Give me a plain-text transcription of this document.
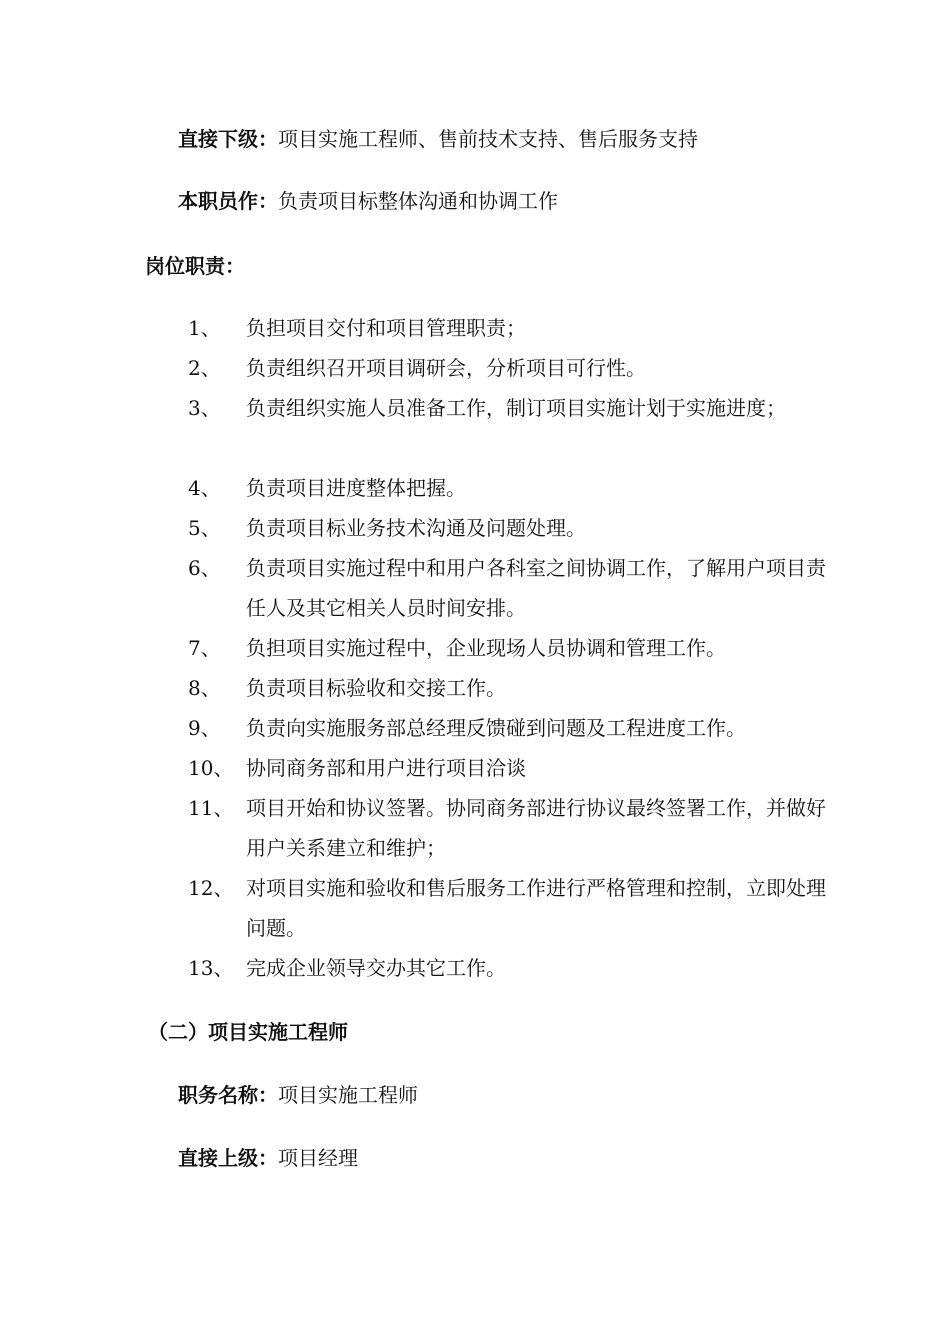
直接下级：项目实施工程师、售前技术支持、售后服务支持
本职员作：负责项目标整体沟通和协调工作
岗位职责：
1、	负担项目交付和项目管理职责；
2、	负责组织召开项目调研会，分析项目可行性。
3、	负责组织实施人员准备工作，制订项目实施计划于实施进度；
4、	负责项目进度整体把握。
5、	负责项目标业务技术沟通及问题处理。
6、	负责项目实施过程中和用户各科室之间协调工作，了解用户项目责任人及其它相关人员时间安排。
7、	负担项目实施过程中，企业现场人员协调和管理工作。
8、	负责项目标验收和交接工作。
9、	负责向实施服务部总经理反馈碰到问题及工程进度工作。
10、 协同商务部和用户进行项目洽谈
11、 项目开始和协议签署。协同商务部进行协议最终签署工作，并做好用户关系建立和维护；
12、 对项目实施和验收和售后服务工作进行严格管理和控制，立即处理问题。
13、 完成企业领导交办其它工作。
（二）项目实施工程师
职务名称：项目实施工程师
直接上级：项目经理
